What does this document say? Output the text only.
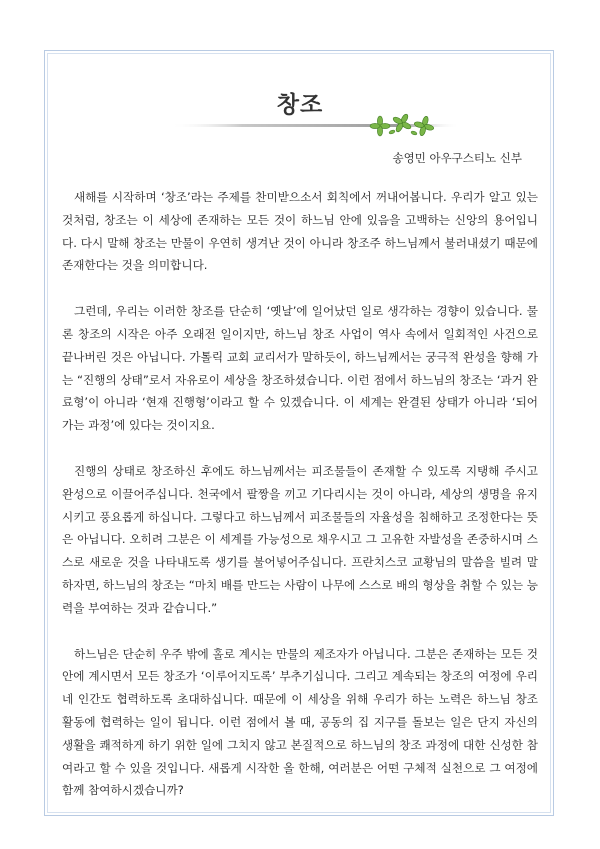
창조
송영민 아우구스티노 신부

새해를 시작하며 ‘창조’라는 주제를 찬미받으소서 회칙에서 꺼내어봅니다. 우리가 알고 있는 것처럼, 창조는 이 세상에 존재하는 모든 것이 하느님 안에 있음을 고백하는 신앙의 용어입니다. 다시 말해 창조는 만물이 우연히 생겨난 것이 아니라 창조주 하느님께서 불러내셨기 때문에 존재한다는 것을 의미합니다.

그런데, 우리는 이러한 창조를 단순히 ‘옛날’에 일어났던 일로 생각하는 경향이 있습니다. 물론 창조의 시작은 아주 오래전 일이지만, 하느님 창조 사업이 역사 속에서 일회적인 사건으로 끝나버린 것은 아닙니다. 가톨릭 교회 교리서가 말하듯이, 하느님께서는 궁극적 완성을 향해 가는 “진행의 상태”로서 자유로이 세상을 창조하셨습니다. 이런 점에서 하느님의 창조는 ‘과거 완료형’이 아니라 ‘현재 진행형’이라고 할 수 있겠습니다. 이 세계는 완결된 상태가 아니라 ‘되어가는 과정’에 있다는 것이지요.

진행의 상태로 창조하신 후에도 하느님께서는 피조물들이 존재할 수 있도록 지탱해 주시고 완성으로 이끌어주십니다. 천국에서 팔짱을 끼고 기다리시는 것이 아니라, 세상의 생명을 유지시키고 풍요롭게 하십니다. 그렇다고 하느님께서 피조물들의 자율성을 침해하고 조정한다는 뜻은 아닙니다. 오히려 그분은 이 세계를 가능성으로 채우시고 그 고유한 자발성을 존중하시며 스스로 새로운 것을 나타내도록 생기를 불어넣어주십니다. 프란치스코 교황님의 말씀을 빌려 말하자면, 하느님의 창조는 “마치 배를 만드는 사람이 나무에 스스로 배의 형상을 취할 수 있는 능력을 부여하는 것과 같습니다.”

하느님은 단순히 우주 밖에 홀로 계시는 만물의 제조자가 아닙니다. 그분은 존재하는 모든 것 안에 계시면서 모든 창조가 ‘이루어지도록’ 부추기십니다. 그리고 계속되는 창조의 여정에 우리네 인간도 협력하도록 초대하십니다. 때문에 이 세상을 위해 우리가 하는 노력은 하느님 창조 활동에 협력하는 일이 됩니다. 이런 점에서 볼 때, 공동의 집 지구를 돌보는 일은 단지 자신의 생활을 쾌적하게 하기 위한 일에 그치지 않고 본질적으로 하느님의 창조 과정에 대한 신성한 참여라고 할 수 있을 것입니다. 새롭게 시작한 올 한해, 여러분은 어떤 구체적 실천으로 그 여정에 함께 참여하시겠습니까?
